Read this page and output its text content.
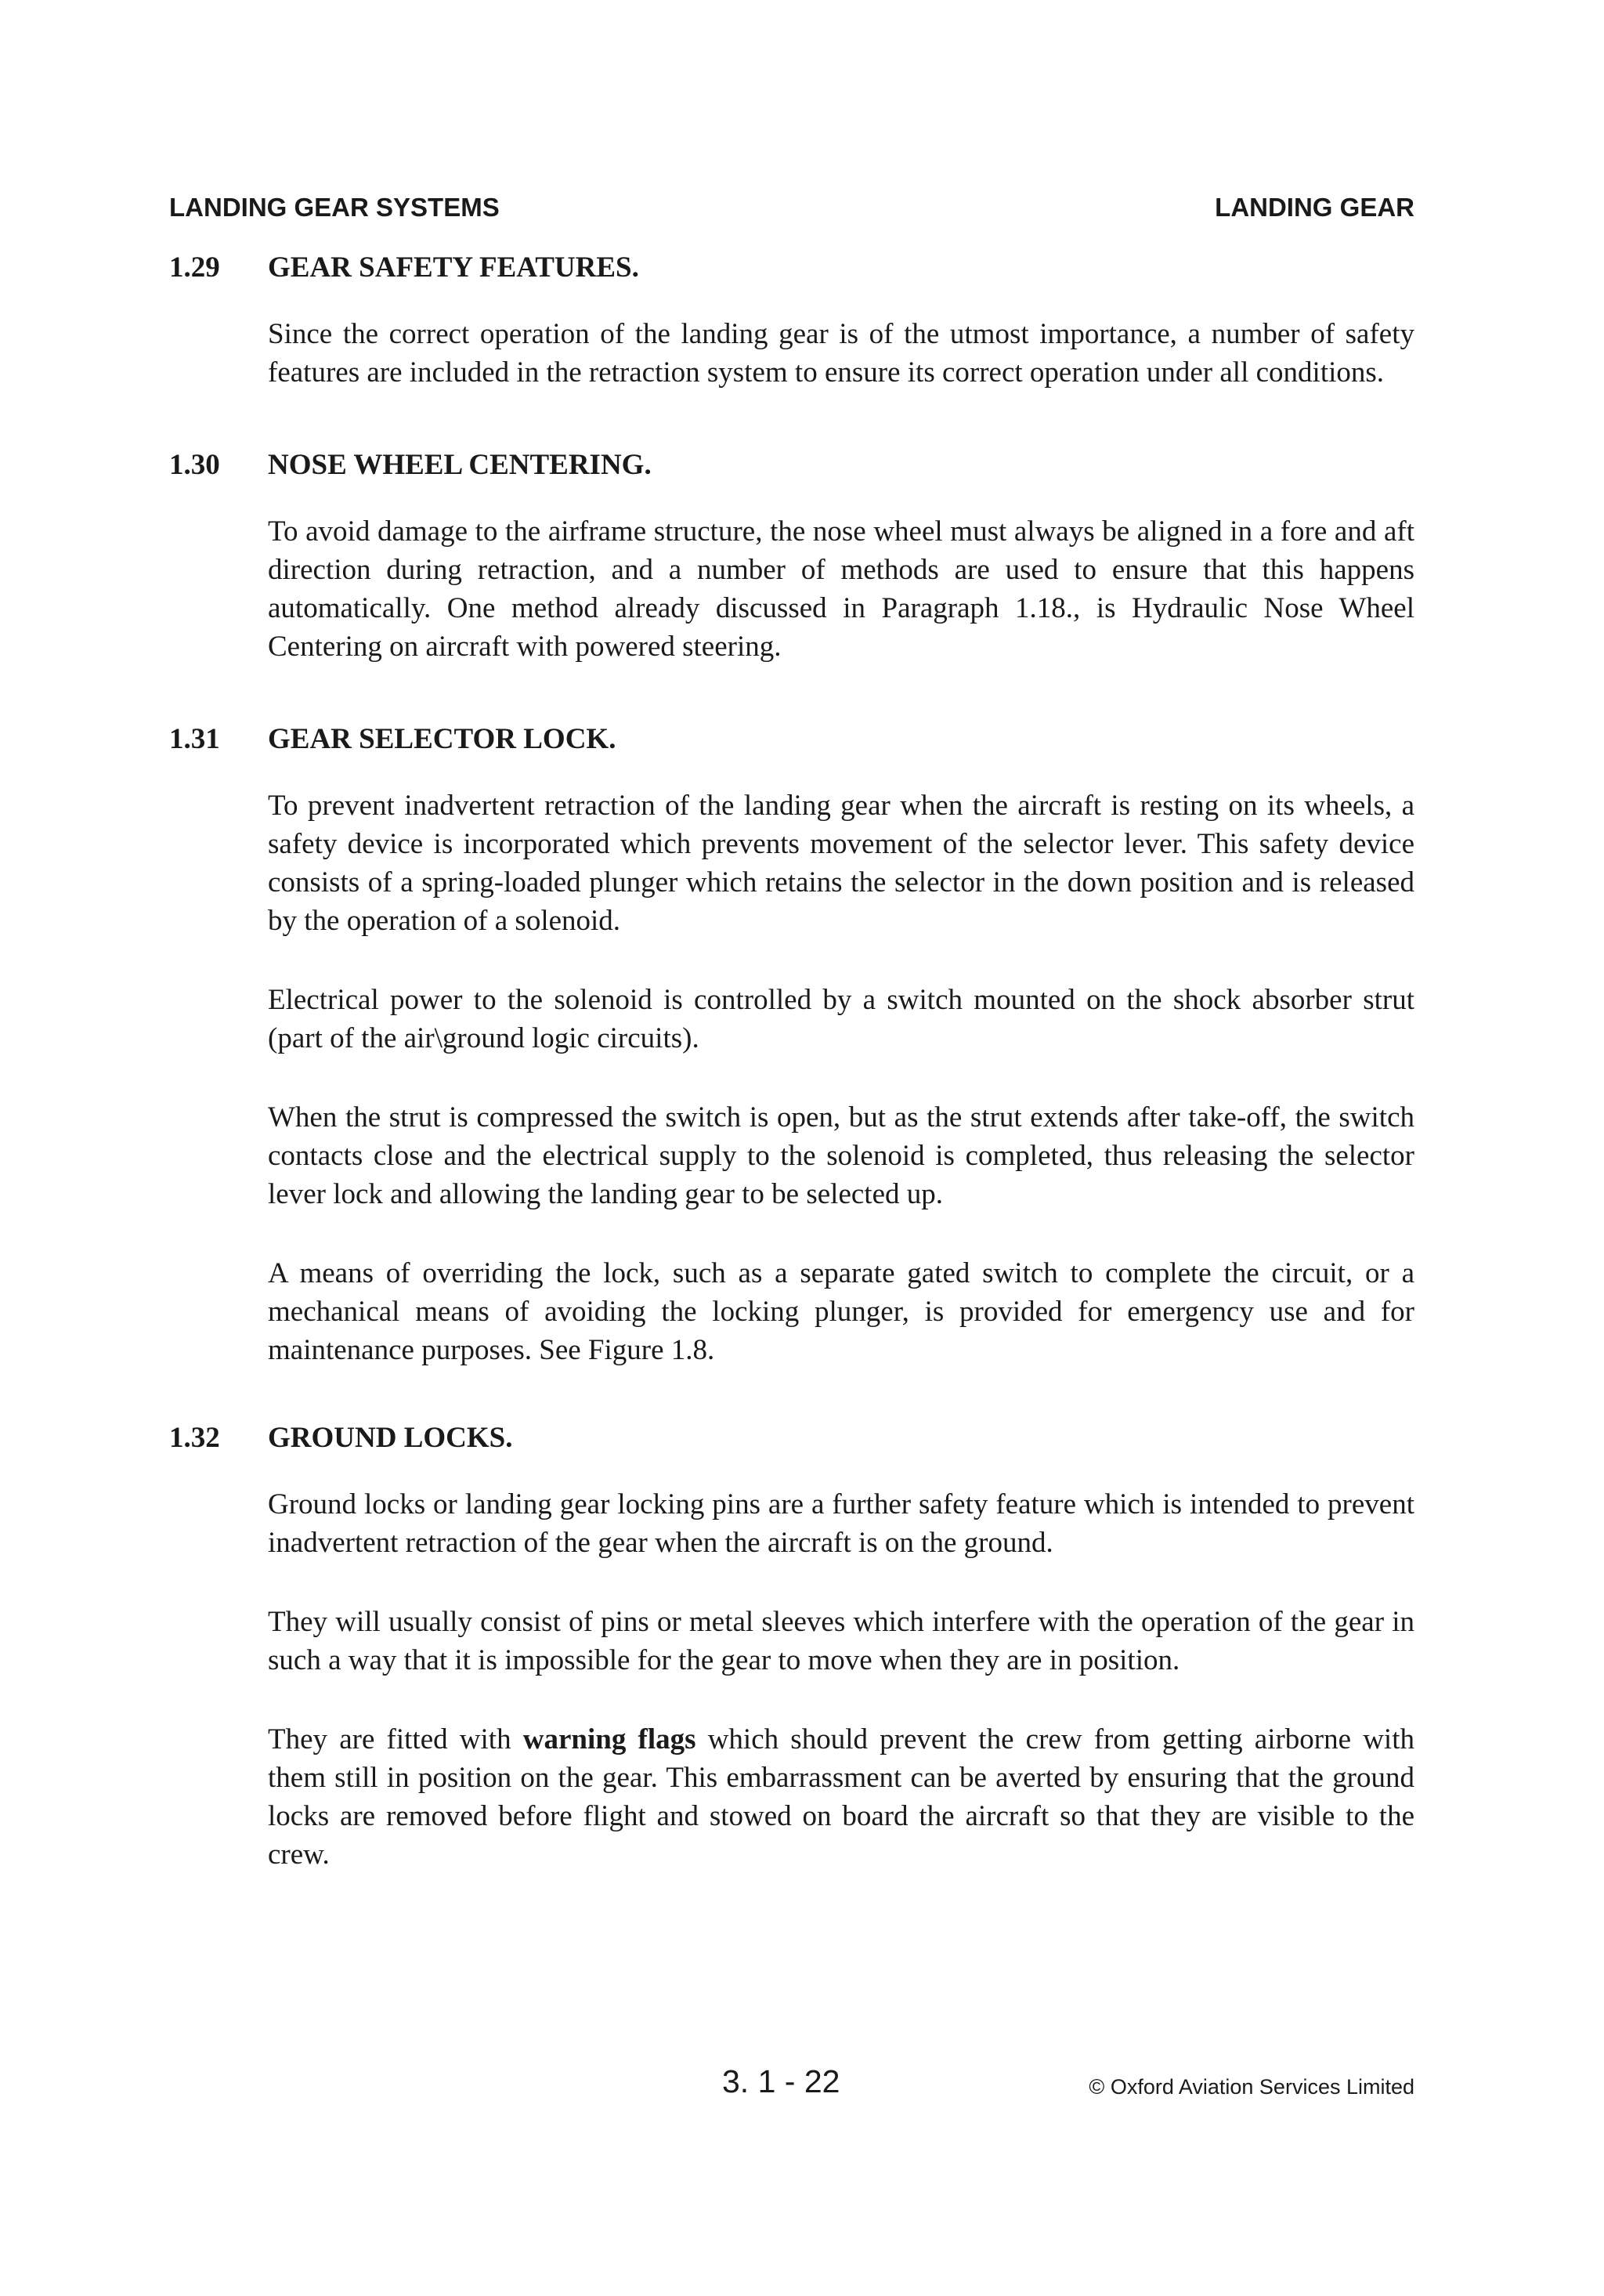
LANDING GEAR SYSTEMS	LANDING GEAR
1.29 GEAR SAFETY FEATURES.

Since the correct operation of the landing gear is of the utmost importance, a number of safety features are included in the retraction system to ensure its correct operation under all conditions.

1.30 NOSE WHEEL CENTERING.

To avoid damage to the airframe structure, the nose wheel must always be aligned in a fore and aft direction during retraction, and a number of methods are used to ensure that this happens automatically. One method already discussed in Paragraph 1.18., is Hydraulic Nose Wheel Centering on aircraft with powered steering.

1.31 GEAR SELECTOR LOCK.

To prevent inadvertent retraction of the landing gear when the aircraft is resting on its wheels, a safety device is incorporated which prevents movement of the selector lever. This safety device consists of a spring-loaded plunger which retains the selector in the down position and is released by the operation of a solenoid.

Electrical power to the solenoid is controlled by a switch mounted on the shock absorber strut (part of the air\ground logic circuits).

When the strut is compressed the switch is open, but as the strut extends after take-off, the switch contacts close and the electrical supply to the solenoid is completed, thus releasing the selector lever lock and allowing the landing gear to be selected up.

A means of overriding the lock, such as a separate gated switch to complete the circuit, or a mechanical means of avoiding the locking plunger, is provided for emergency use and for maintenance purposes. See Figure 1.8.

1.32 GROUND LOCKS.

Ground locks or landing gear locking pins are a further safety feature which is intended to prevent inadvertent retraction of the gear when the aircraft is on the ground.

They will usually consist of pins or metal sleeves which interfere with the operation of the gear in such a way that it is impossible for the gear to move when they are in position.

They are fitted with warning flags which should prevent the crew from getting airborne with them still in position on the gear. This embarrassment can be averted by ensuring that the ground locks are removed before flight and stowed on board the aircraft so that they are visible to the crew.

3. 1 - 22	© Oxford Aviation Services Limited
